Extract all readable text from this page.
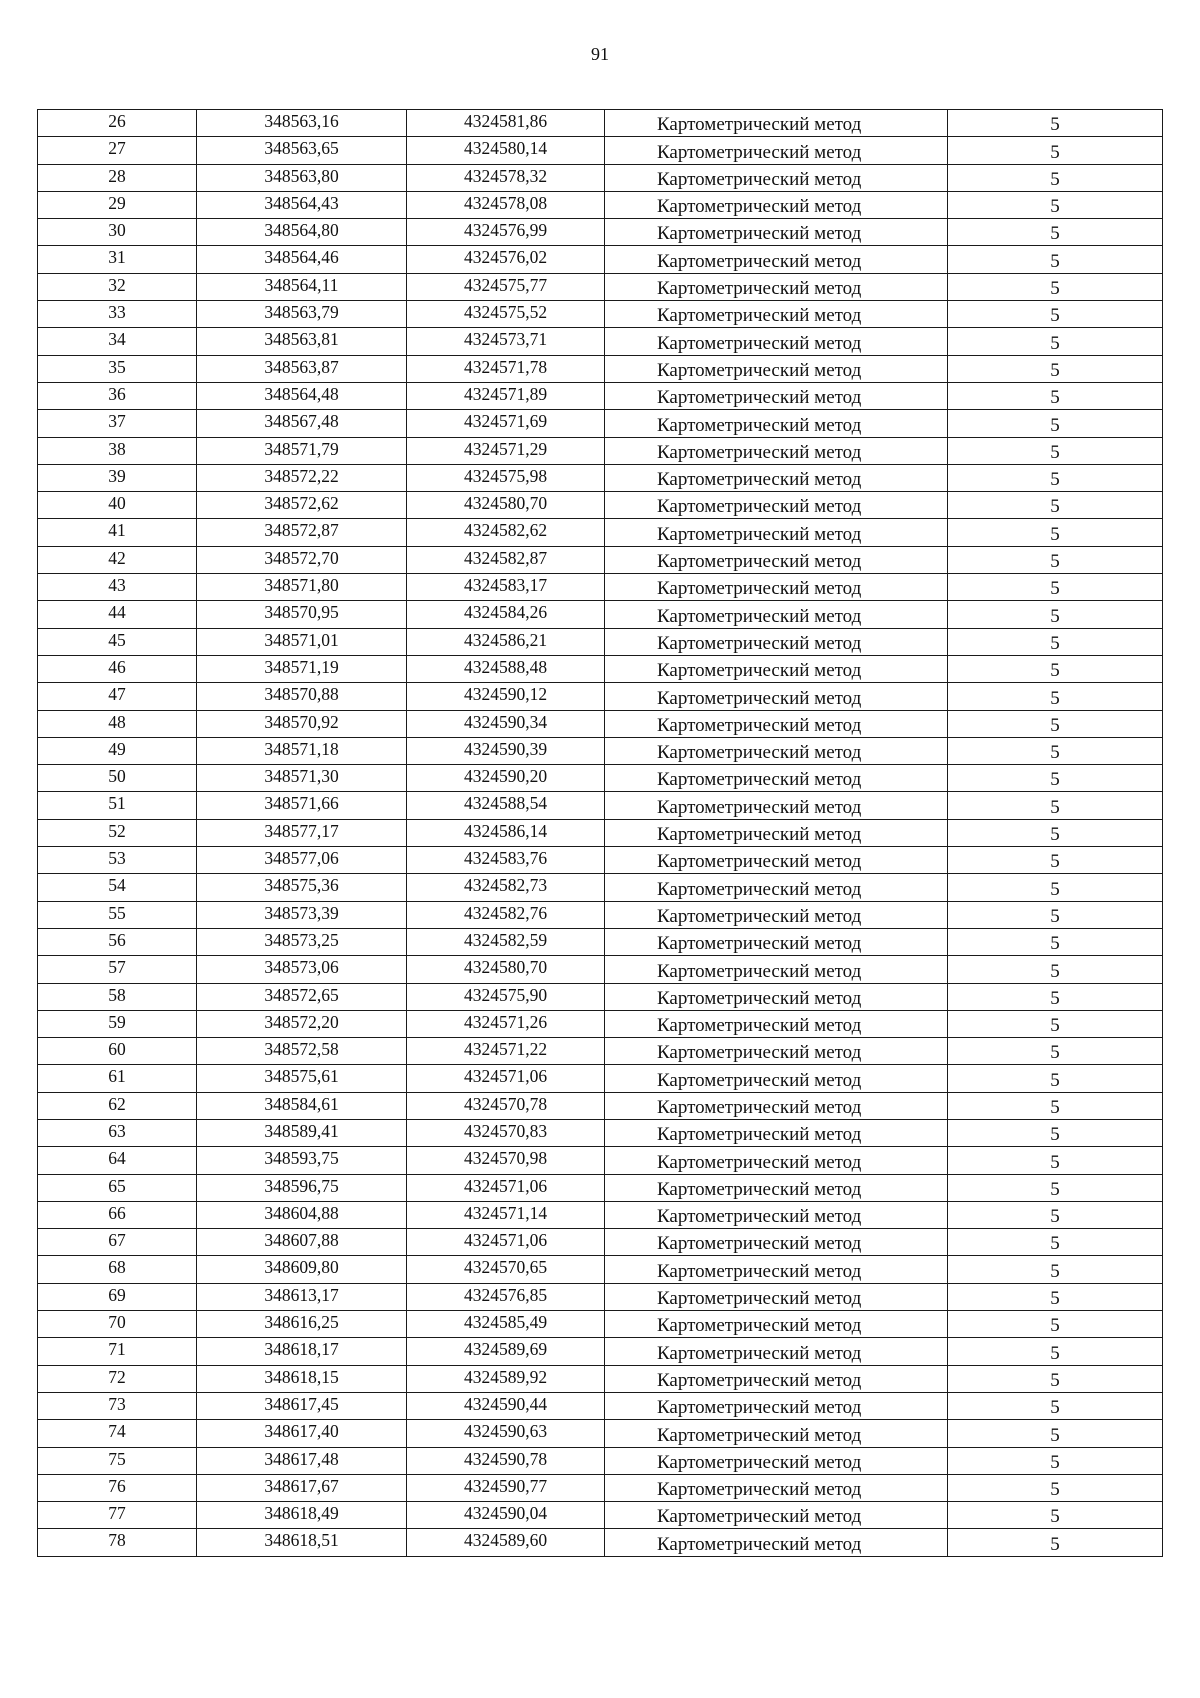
91
26	348563,16	4324581,86	Картометрический метод	5
27	348563,65	4324580,14	Картометрический метод	5
28	348563,80	4324578,32	Картометрический метод	5
29	348564,43	4324578,08	Картометрический метод	5
30	348564,80	4324576,99	Картометрический метод	5
31	348564,46	4324576,02	Картометрический метод	5
32	348564,11	4324575,77	Картометрический метод	5
33	348563,79	4324575,52	Картометрический метод	5
34	348563,81	4324573,71	Картометрический метод	5
35	348563,87	4324571,78	Картометрический метод	5
36	348564,48	4324571,89	Картометрический метод	5
37	348567,48	4324571,69	Картометрический метод	5
38	348571,79	4324571,29	Картометрический метод	5
39	348572,22	4324575,98	Картометрический метод	5
40	348572,62	4324580,70	Картометрический метод	5
41	348572,87	4324582,62	Картометрический метод	5
42	348572,70	4324582,87	Картометрический метод	5
43	348571,80	4324583,17	Картометрический метод	5
44	348570,95	4324584,26	Картометрический метод	5
45	348571,01	4324586,21	Картометрический метод	5
46	348571,19	4324588,48	Картометрический метод	5
47	348570,88	4324590,12	Картометрический метод	5
48	348570,92	4324590,34	Картометрический метод	5
49	348571,18	4324590,39	Картометрический метод	5
50	348571,30	4324590,20	Картометрический метод	5
51	348571,66	4324588,54	Картометрический метод	5
52	348577,17	4324586,14	Картометрический метод	5
53	348577,06	4324583,76	Картометрический метод	5
54	348575,36	4324582,73	Картометрический метод	5
55	348573,39	4324582,76	Картометрический метод	5
56	348573,25	4324582,59	Картометрический метод	5
57	348573,06	4324580,70	Картометрический метод	5
58	348572,65	4324575,90	Картометрический метод	5
59	348572,20	4324571,26	Картометрический метод	5
60	348572,58	4324571,22	Картометрический метод	5
61	348575,61	4324571,06	Картометрический метод	5
62	348584,61	4324570,78	Картометрический метод	5
63	348589,41	4324570,83	Картометрический метод	5
64	348593,75	4324570,98	Картометрический метод	5
65	348596,75	4324571,06	Картометрический метод	5
66	348604,88	4324571,14	Картометрический метод	5
67	348607,88	4324571,06	Картометрический метод	5
68	348609,80	4324570,65	Картометрический метод	5
69	348613,17	4324576,85	Картометрический метод	5
70	348616,25	4324585,49	Картометрический метод	5
71	348618,17	4324589,69	Картометрический метод	5
72	348618,15	4324589,92	Картометрический метод	5
73	348617,45	4324590,44	Картометрический метод	5
74	348617,40	4324590,63	Картометрический метод	5
75	348617,48	4324590,78	Картометрический метод	5
76	348617,67	4324590,77	Картометрический метод	5
77	348618,49	4324590,04	Картометрический метод	5
78	348618,51	4324589,60	Картометрический метод	5
